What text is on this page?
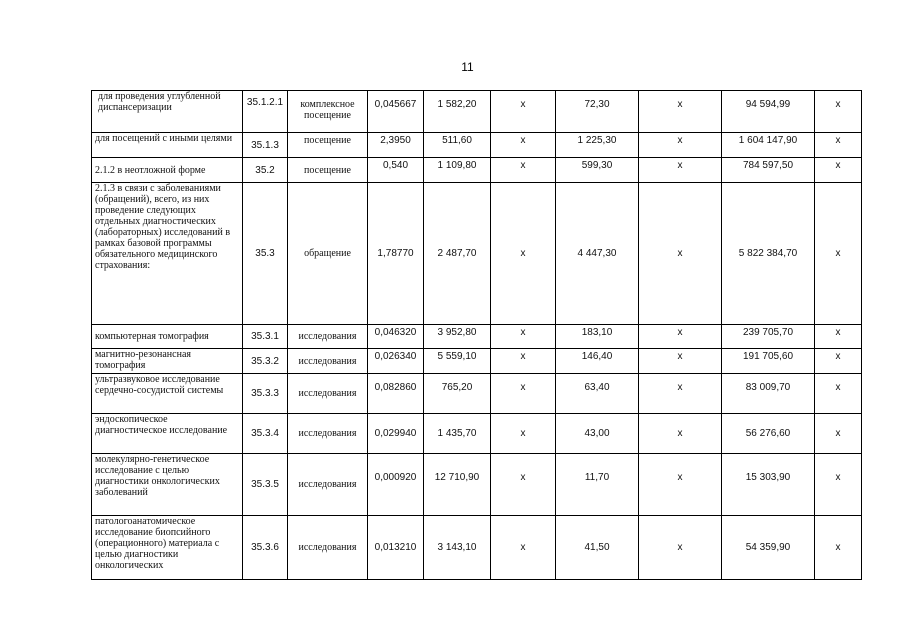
11
для проведения углубленной диспансеризации	35.1.2.1	комплексное посещение	0,045667	1 582,20	х	72,30	х	94 594,99	х
для посещений с иными целями	35.1.3	посещение	2,3950	511,60	х	1 225,30	х	1 604 147,90	х
2.1.2 в неотложной форме	35.2	посещение	0,540	1 109,80	х	599,30	х	784 597,50	х
2.1.3 в связи с заболеваниями (обращений), всего, из них проведение следующих отдельных диагностических (лабораторных) исследований в рамках базовой программы обязательного медицинского страхования:	35.3	обращение	1,78770	2 487,70	х	4 447,30	х	5 822 384,70	х
компьютерная томография	35.3.1	исследования	0,046320	3 952,80	х	183,10	х	239 705,70	х
магнитно-резонансная томография	35.3.2	исследования	0,026340	5 559,10	х	146,40	х	191 705,60	х
ультразвуковое исследование сердечно-сосудистой системы	35.3.3	исследования	0,082860	765,20	х	63,40	х	83 009,70	х
эндоскопическое диагностическое исследование	35.3.4	исследования	0,029940	1 435,70	х	43,00	х	56 276,60	х
молекулярно-генетическое исследование с целью диагностики онкологических заболеваний	35.3.5	исследования	0,000920	12 710,90	х	11,70	х	15 303,90	х
патологоанатомическое исследование биопсийного (операционного) материала с целью диагностики онкологических	35.3.6	исследования	0,013210	3 143,10	х	41,50	х	54 359,90	х
